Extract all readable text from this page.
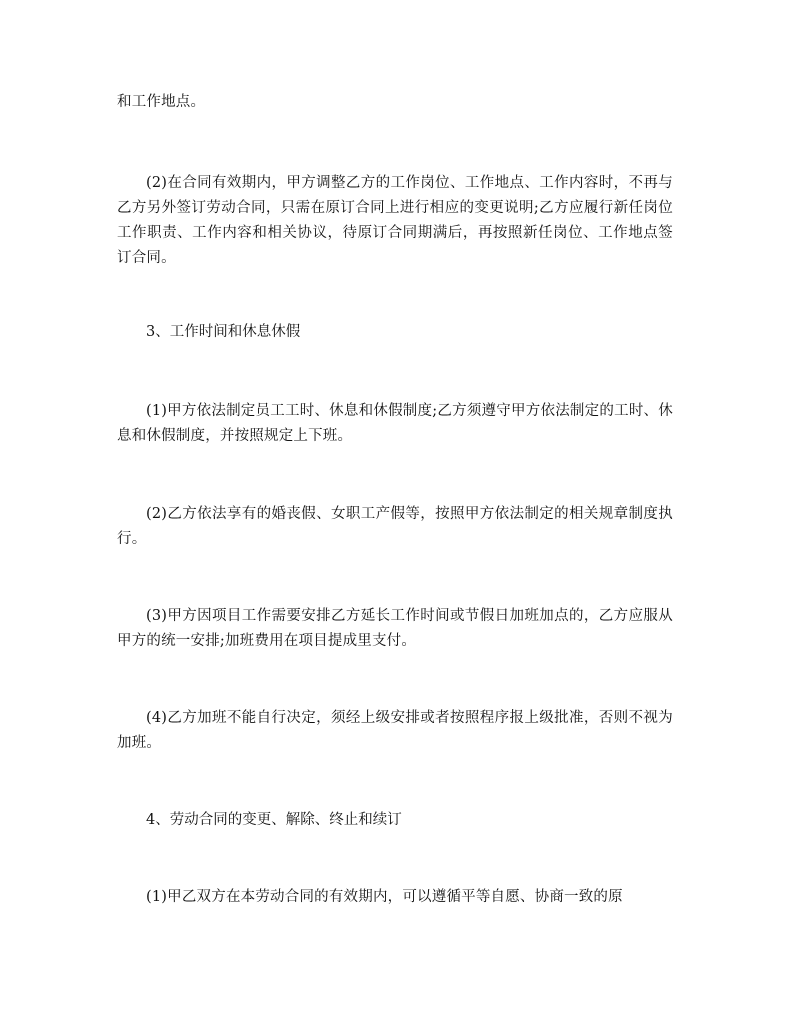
和工作地点。

(2)在合同有效期内，甲方调整乙方的工作岗位、工作地点、工作内容时，不再与乙方另外签订劳动合同，只需在原订合同上进行相应的变更说明;乙方应履行新任岗位工作职责、工作内容和相关协议，待原订合同期满后，再按照新任岗位、工作地点签订合同。

3、工作时间和休息休假

(1)甲方依法制定员工工时、休息和休假制度;乙方须遵守甲方依法制定的工时、休息和休假制度，并按照规定上下班。

(2)乙方依法享有的婚丧假、女职工产假等，按照甲方依法制定的相关规章制度执行。

(3)甲方因项目工作需要安排乙方延长工作时间或节假日加班加点的，乙方应服从甲方的统一安排;加班费用在项目提成里支付。

(4)乙方加班不能自行决定，须经上级安排或者按照程序报上级批准，否则不视为加班。

4、劳动合同的变更、解除、终止和续订

(1)甲乙双方在本劳动合同的有效期内，可以遵循平等自愿、协商一致的原
